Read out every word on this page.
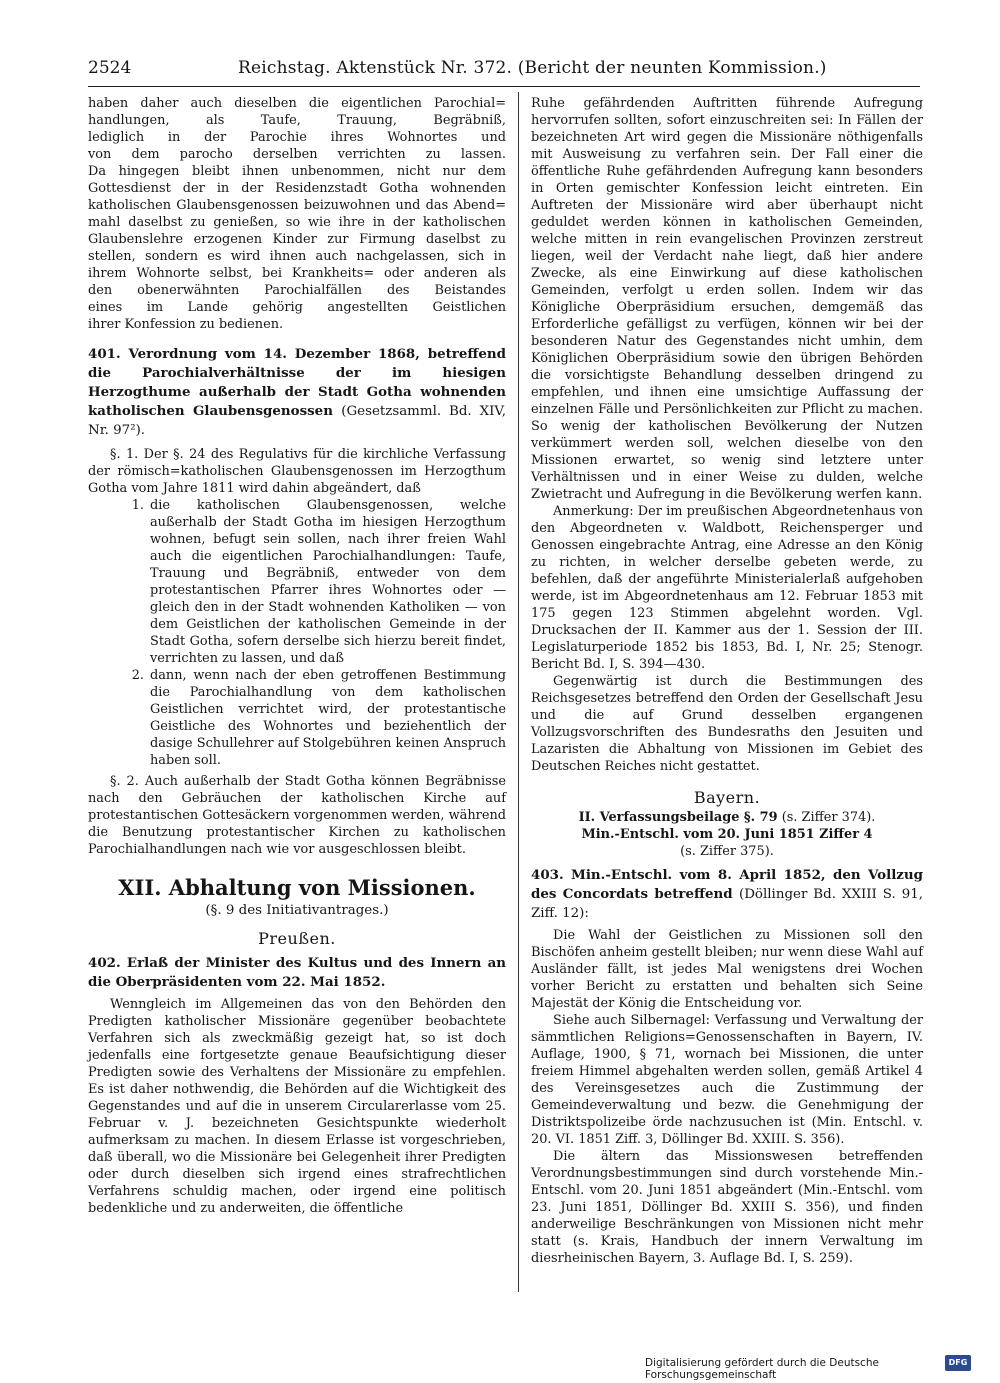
2524	Reichstag. Aktenstück Nr. 372. (Bericht der neunten Kommission.)
haben daher auch dieselben die eigentlichen Parochial=
handlungen, als Taufe, Trauung, Begräbniß,
lediglich in der Parochie ihres Wohnortes und
von dem parocho derselben verrichten zu lassen.
Da hingegen bleibt ihnen unbenommen, nicht nur dem
Gottesdienst der in der Residenzstadt Gotha wohnenden
katholischen Glaubensgenossen beizuwohnen und das Abend=
mahl daselbst zu genießen, so wie ihre in der katholischen
Glaubenslehre erzogenen Kinder zur Firmung daselbst zu
stellen, sondern es wird ihnen auch nachgelassen, sich in
ihrem Wohnorte selbst, bei Krankheits= oder anderen als
den obenerwähnten Parochialfällen des Beistandes
eines im Lande gehörig angestellten Geistlichen
ihrer Konfession zu bedienen.
401. Verordnung vom 14. Dezember 1868, betreffend die Parochialverhältnisse der im hiesigen Herzogthume außerhalb der Stadt Gotha wohnenden katholischen Glaubensgenossen (Gesetzsamml. Bd. XIV, Nr. 97²).

§. 1. Der §. 24 des Regulativs für die kirchliche Verfassung der römisch=katholischen Glaubensgenossen im Herzogthum Gotha vom Jahre 1811 wird dahin abgeändert, daß

1. die katholischen Glaubensgenossen, welche außerhalb der Stadt Gotha im hiesigen Herzogthum wohnen, befugt sein sollen, nach ihrer freien Wahl auch die eigentlichen Parochialhandlungen: Taufe, Trauung und Begräbniß, entweder von dem protestantischen Pfarrer ihres Wohnortes oder — gleich den in der Stadt wohnenden Katholiken — von dem Geistlichen der katholischen Gemeinde in der Stadt Gotha, sofern derselbe sich hierzu bereit findet, verrichten zu lassen, und daß
2. dann, wenn nach der eben getroffenen Bestimmung die Parochialhandlung von dem katholischen Geistlichen verrichtet wird, der protestantische Geistliche des Wohnortes und beziehentlich der dasige Schullehrer auf Stolgebühren keinen Anspruch haben soll.

§. 2. Auch außerhalb der Stadt Gotha können Begräbnisse nach den Gebräuchen der katholischen Kirche auf protestantischen Gottesäckern vorgenommen werden, während die Benutzung protestantischer Kirchen zu katholischen Parochialhandlungen nach wie vor ausgeschlossen bleibt.

XII. Abhaltung von Missionen.
(§. 9 des Initiativantrages.)
Preußen.
402. Erlaß der Minister des Kultus und des Innern an die Oberpräsidenten vom 22. Mai 1852.

Wenngleich im Allgemeinen das von den Behörden den Predigten katholischer Missionäre gegenüber beobachtete Verfahren sich als zweckmäßig gezeigt hat, so ist doch jedenfalls eine fortgesetzte genaue Beaufsichtigung dieser Predigten sowie des Verhaltens der Missionäre zu empfehlen. Es ist daher nothwendig, die Behörden auf die Wichtigkeit des Gegenstandes und auf die in unserem Circularerlasse vom 25. Februar v. J. bezeichneten Gesichtspunkte wiederholt aufmerksam zu machen. In diesem Erlasse ist vorgeschrieben, daß überall, wo die Missionäre bei Gelegenheit ihrer Predigten oder durch dieselben sich irgend eines strafrechtlichen Verfahrens schuldig machen, oder irgend eine politisch bedenkliche und zu anderweiten, die öffentliche

Ruhe gefährdenden Auftritten führende Aufregung hervorrufen sollten, sofort einzuschreiten sei: In Fällen der bezeichneten Art wird gegen die Missionäre nöthigenfalls mit Ausweisung zu verfahren sein. Der Fall einer die öffentliche Ruhe gefährdenden Aufregung kann besonders in Orten gemischter Konfession leicht eintreten. Ein Auftreten der Missionäre wird aber überhaupt nicht geduldet werden können in katholischen Gemeinden, welche mitten in rein evangelischen Provinzen zerstreut liegen, weil der Verdacht nahe liegt, daß hier andere Zwecke, als eine Einwirkung auf diese katholischen Gemeinden, verfolgt u erden sollen. Indem wir das Königliche Oberpräsidium ersuchen, demgemäß das Erforderliche gefälligst zu verfügen, können wir bei der besonderen Natur des Gegenstandes nicht umhin, dem Königlichen Oberpräsidium sowie den übrigen Behörden die vorsichtigste Behandlung desselben dringend zu empfehlen, und ihnen eine umsichtige Auffassung der einzelnen Fälle und Persönlichkeiten zur Pflicht zu machen. So wenig der katholischen Bevölkerung der Nutzen verkümmert werden soll, welchen dieselbe von den Missionen erwartet, so wenig sind letztere unter Verhältnissen und in einer Weise zu dulden, welche Zwietracht und Aufregung in die Bevölkerung werfen kann.

Anmerkung: Der im preußischen Abgeordnetenhaus von den Abgeordneten v. Waldbott, Reichensperger und Genossen eingebrachte Antrag, eine Adresse an den König zu richten, in welcher derselbe gebeten werde, zu befehlen, daß der angeführte Ministerialerlaß aufgehoben werde, ist im Abgeordnetenhaus am 12. Februar 1853 mit 175 gegen 123 Stimmen abgelehnt worden. Vgl. Drucksachen der II. Kammer aus der 1. Session der III. Legislaturperiode 1852 bis 1853, Bd. I, Nr. 25; Stenogr. Bericht Bd. I, S. 394—430.

Gegenwärtig ist durch die Bestimmungen des Reichsgesetzes betreffend den Orden der Gesellschaft Jesu und die auf Grund desselben ergangenen Vollzugsvorschriften des Bundesraths den Jesuiten und Lazaristen die Abhaltung von Missionen im Gebiet des Deutschen Reiches nicht gestattet.

Bayern.
II. Verfassungsbeilage §. 79 (s. Ziffer 374).
Min.-Entschl. vom 20. Juni 1851 Ziffer 4
(s. Ziffer 375).
403. Min.-Entschl. vom 8. April 1852, den Vollzug des Concordats betreffend (Döllinger Bd. XXIII S. 91, Ziff. 12):

Die Wahl der Geistlichen zu Missionen soll den Bischöfen anheim gestellt bleiben; nur wenn diese Wahl auf Ausländer fällt, ist jedes Mal wenigstens drei Wochen vorher Bericht zu erstatten und behalten sich Seine Majestät der König die Entscheidung vor.

Siehe auch Silbernagel: Verfassung und Verwaltung der sämmtlichen Religions=Genossenschaften in Bayern, IV. Auflage, 1900, § 71, wornach bei Missionen, die unter freiem Himmel abgehalten werden sollen, gemäß Artikel 4 des Vereinsgesetzes auch die Zustimmung der Gemeindeverwaltung und bezw. die Genehmigung der Distriktspolizeibe örde nachzusuchen ist (Min. Entschl. v. 20. VI. 1851 Ziff. 3, Döllinger Bd. XXIII. S. 356).

Die ältern das Missionswesen betreffenden Verordnungsbestimmungen sind durch vorstehende Min.-Entschl. vom 20. Juni 1851 abgeändert (Min.-Entschl. vom 23. Juni 1851, Döllinger Bd. XXIII S. 356), und finden anderweilige Beschränkungen von Missionen nicht mehr statt (s. Krais, Handbuch der innern Verwaltung im diesrheinischen Bayern, 3. Auflage Bd. I, S. 259).

Digitalisierung gefördert durch die Deutsche Forschungsgemeinschaft
DFG
